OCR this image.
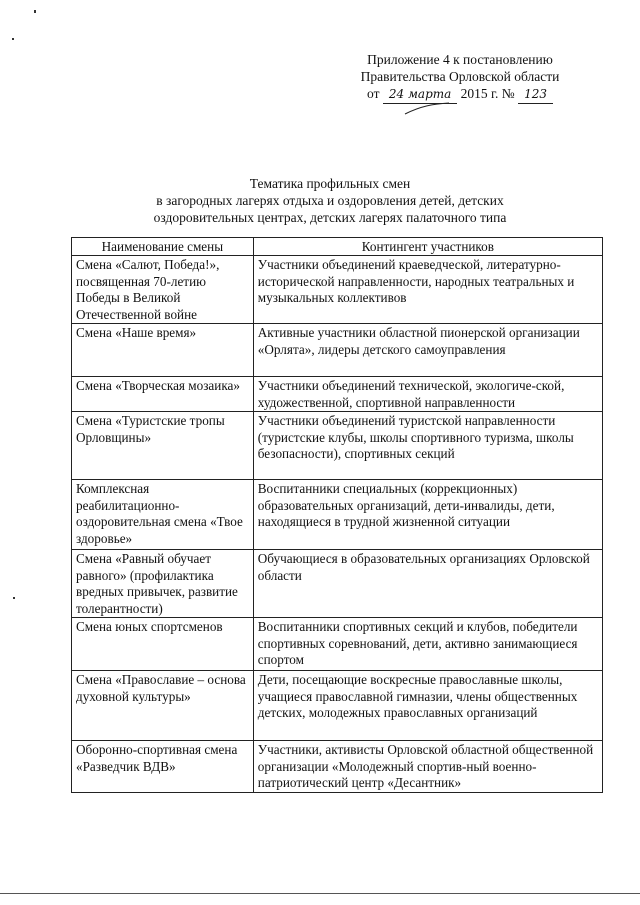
Приложение 4 к постановлению
Правительства Орловской области
от 24 марта 2015 г. № 123
Тематика профильных смен
в загородных лагерях отдыха и оздоровления детей, детских
оздоровительных центрах, детских лагерях палаточного типа
Наименование смены	Контингент участников
Смена «Салют, Победа!», посвященная 70-летию Победы в Великой Отечественной войне	Участники объединений краеведческой, литературно-исторической направленности, народных театральных и музыкальных коллективов
Смена «Наше время»	Активные участники областной пионерской организации «Орлята», лидеры детского самоуправления
Смена «Творческая мозаика»	Участники объединений технической, экологиче-ской, художественной, спортивной направленности
Смена «Туристские тропы Орловщины»	Участники объединений туристской направленности (туристские клубы, школы спортивного туризма, школы безопасности), спортивных секций
Комплексная реабилитационно-оздоровительная смена «Твое здоровье»	Воспитанники специальных (коррекционных) образовательных организаций, дети-инвалиды, дети, находящиеся в трудной жизненной ситуации
Смена «Равный обучает равного» (профилактика вредных привычек, развитие толерантности)	Обучающиеся в образовательных организациях Орловской области
Смена юных спортсменов	Воспитанники спортивных секций и клубов, победители спортивных соревнований, дети, активно занимающиеся спортом
Смена «Православие – основа духовной культуры»	Дети, посещающие воскресные православные школы, учащиеся православной гимназии, члены общественных детских, молодежных православных организаций
Оборонно-спортивная смена «Разведчик ВДВ»	Участники, активисты Орловской областной общественной организации «Молодежный спортив-ный военно-патриотический центр «Десантник»
